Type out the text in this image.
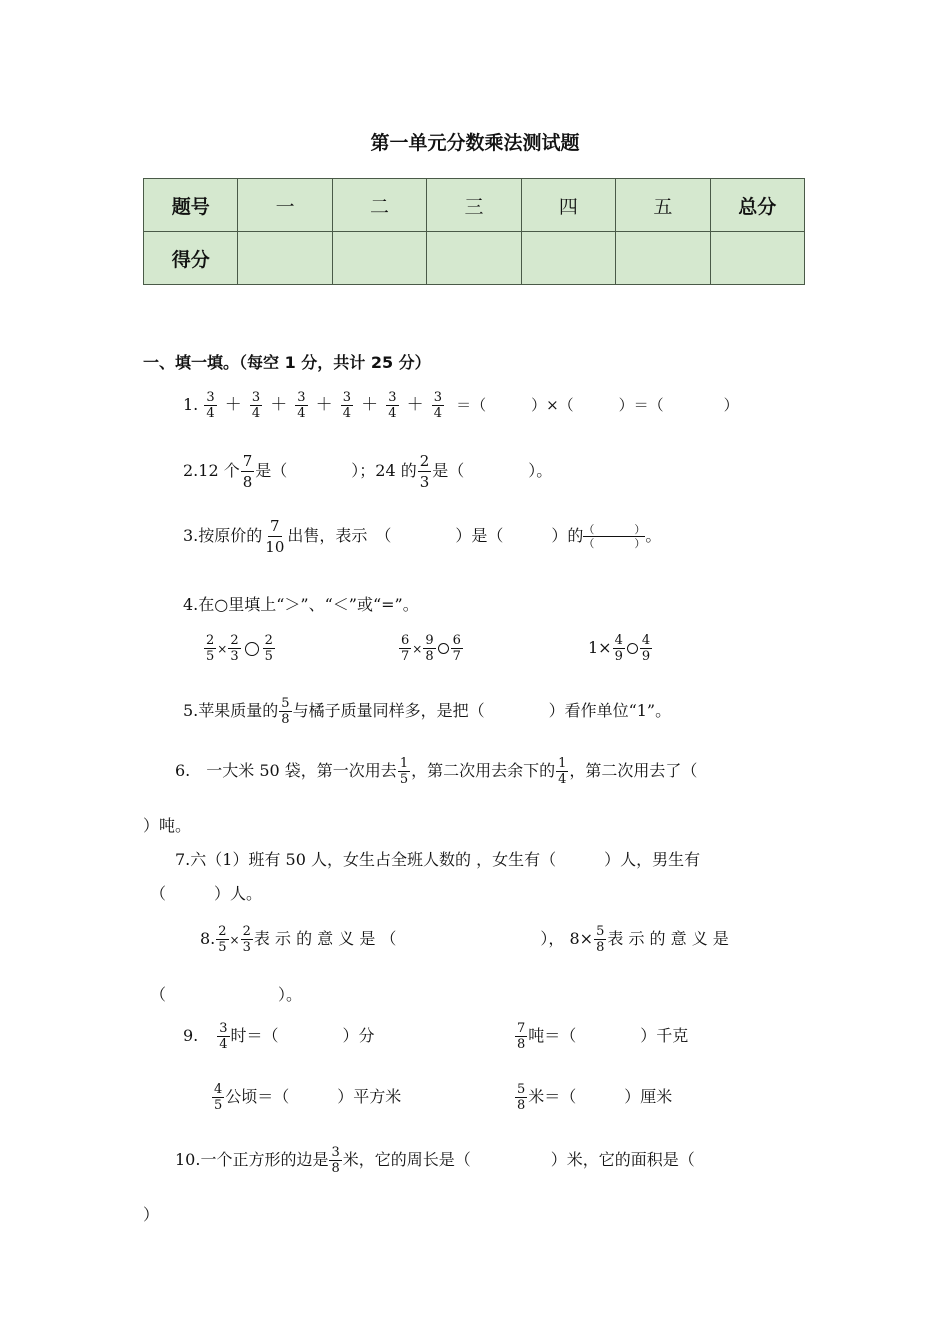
第一单元分数乘法测试题
题号	一	二	三	四	五	总分
得分						
一、填一填。（每空 1 分，共计 25 分）
1. $\frac{3}{4} + \frac{3}{4} + \frac{3}{4} + \frac{3}{4} + \frac{3}{4} + \frac{3}{4}$ ＝（　　　）×（　　　）＝（　　　　）
2.12 个 $\frac{7}{8}$ 是（　　　　）；24 的 $\frac{2}{3}$ 是（　　　　）。
3.按原价的 $\frac{7}{10}$ 出售，表示　（　　　　）是（　　　）的 （	）
（	） 。
4.在○里填上“＞”、“＜”或“=”。
$\frac{2}{5} \times \frac{2}{3} \frac{2}{5}$	$\frac{6}{7} \times \frac{9}{8} \frac{6}{7}$	$1\times \frac{4}{9} \frac{4}{9}$
5.苹果质量的 $\frac{5}{8}$ 与橘子质量同样多，是把（　　　　）看作单位“1”。
6.　一大米 50 袋，第一次用去 $\frac{1}{5}$ ，第二次用去余下的 $\frac{1}{4}$ ，第二次用去了（
）吨。
7.六（1）班有 50 人，女生占全班人数的 ，女生有（　　　）人，男生有
（　　　）人。
8. $\frac{2}{5} \times \frac{2}{3}$ 表 示 的 意 义 是 （　　　　　　　　　）， $8\times \frac{5}{8}$ 表 示 的 意 义 是
（　　　　　　　）。
9. $\frac{3}{4}$ 时＝（　　　　）分	$\frac{7}{8}$ 吨＝（　　　　）千克
$\frac{4}{5}$ 公顷＝（　　　）平方米	$\frac{5}{8}$ 米＝（　　　）厘米
10.一个正方形的边是 $\frac{3}{8}$ 米，它的周长是（　　　　　）米，它的面积是（
）
